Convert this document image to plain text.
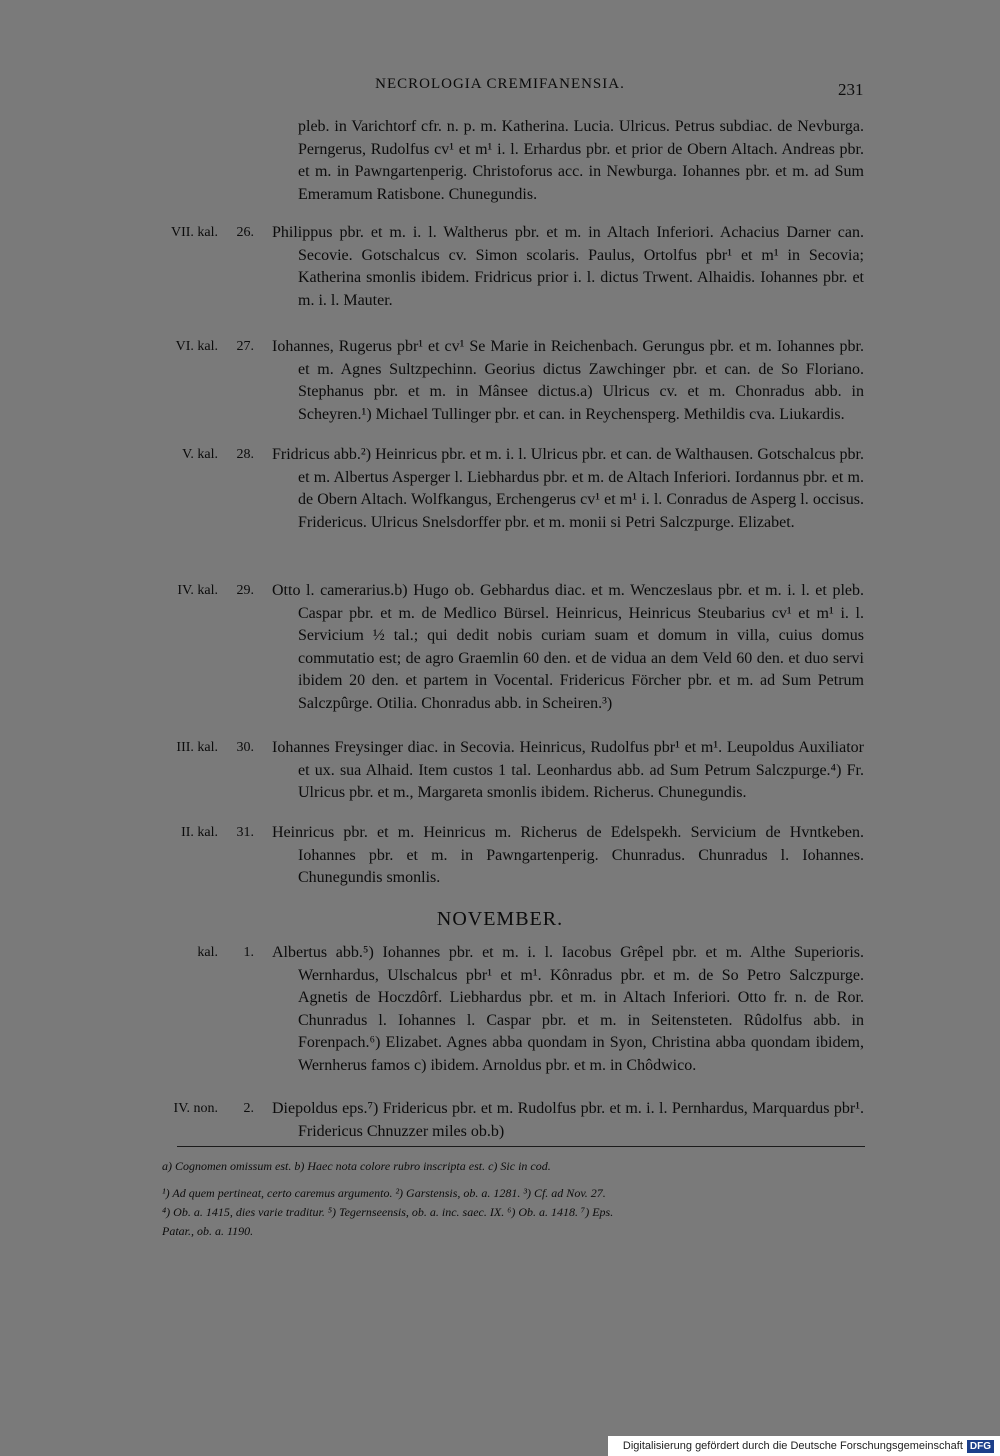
NECROLOGIA CREMIFANENSIA.	231
pleb. in Varichtorf cfr. n. p. m. Katherina. Lucia. Ulricus. Petrus subdiac. de Nevburga. Perngerus, Rudolfus cv¹ et m¹ i. l. Erhardus pbr. et prior de Obern Altach. Andreas pbr. et m. in Pawngartenperig. Christoforus acc. in Newburga. Iohannes pbr. et m. ad Sum Emeramum Ratisbone. Chunegundis.
VII. kal.	26. Philippus pbr. et m. i. l. Waltherus pbr. et m. in Altach Inferiori. Achacius Darner can. Secovie. Gotschalcus cv. Simon scolaris. Paulus, Ortolfus pbr¹ et m¹ in Secovia; Katherina smonlis ibidem. Fridricus prior i. l. dictus Trwent. Alhaidis. Iohannes pbr. et m. i. l. Mauter.
VI. kal.	27. Iohannes, Rugerus pbr¹ et cv¹ Se Marie in Reichenbach. Gerungus pbr. et m. Iohannes pbr. et m. Agnes Sultzpechinn. Georius dictus Zawchinger pbr. et can. de So Floriano. Stephanus pbr. et m. in Mânsee dictus.a) Ulricus cv. et m. Chonradus abb. in Scheyren.¹) Michael Tullinger pbr. et can. in Reychensperg. Methildis cva. Liukardis.
V. kal.	28. Fridricus abb.²) Heinricus pbr. et m. i. l. Ulricus pbr. et can. de Walthausen. Gotschalcus pbr. et m. Albertus Asperger l. Liebhardus pbr. et m. de Altach Inferiori. Iordannus pbr. et m. de Obern Altach. Wolfkangus, Erchengerus cv¹ et m¹ i. l. Conradus de Asperg l. occisus. Fridericus. Ulricus Snelsdorffer pbr. et m. monii si Petri Salczpurge. Elizabet.
IV. kal.	29. Otto l. camerarius.b) Hugo ob. Gebhardus diac. et m. Wenczeslaus pbr. et m. i. l. et pleb. Caspar pbr. et m. de Medlico Bürsel. Heinricus, Heinricus Steubarius cv¹ et m¹ i. l. Servicium ½ tal.; qui dedit nobis curiam suam et domum in villa, cuius domus commutatio est; de agro Graemlin 60 den. et de vidua an dem Veld 60 den. et duo servi ibidem 20 den. et partem in Vocental. Fridericus Förcher pbr. et m. ad Sum Petrum Salczpûrge. Otilia. Chonradus abb. in Scheiren.³)
III. kal.	30. Iohannes Freysinger diac. in Secovia. Heinricus, Rudolfus pbr¹ et m¹. Leupoldus Auxiliator et ux. sua Alhaid. Item custos 1 tal. Leonhardus abb. ad Sum Petrum Salczpurge.⁴) Fr. Ulricus pbr. et m., Margareta smonlis ibidem. Richerus. Chunegundis.
II. kal.	31. Heinricus pbr. et m. Heinricus m. Richerus de Edelspekh. Servicium de Hvntkeben. Iohannes pbr. et m. in Pawngartenperig. Chunradus. Chunradus l. Iohannes. Chunegundis smonlis.
NOVEMBER.
kal.	1. Albertus abb.⁵) Iohannes pbr. et m. i. l. Iacobus Grêpel pbr. et m. Althe Superioris. Wernhardus, Ulschalcus pbr¹ et m¹. Kônradus pbr. et m. de So Petro Salczpurge. Agnetis de Hoczdôrf. Liebhardus pbr. et m. in Altach Inferiori. Otto fr. n. de Ror. Chunradus l. Iohannes l. Caspar pbr. et m. in Seitensteten. Rûdolfus abb. in Forenpach.⁶) Elizabet. Agnes abba quondam in Syon, Christina abba quondam ibidem, Wernherus famos c) ibidem. Arnoldus pbr. et m. in Chôdwico.
IV. non.	2. Diepoldus eps.⁷) Fridericus pbr. et m. Rudolfus pbr. et m. i. l. Pernhardus, Marquardus pbr¹. Fridericus Chnuzzer miles ob.b)
a) Cognomen omissum est. b) Haec nota colore rubro inscripta est. c) Sic in cod.
¹) Ad quem pertineat, certo caremus argumento. ²) Garstensis, ob. a. 1281. ³) Cf. ad Nov. 27.
⁴) Ob. a. 1415, dies varie traditur. ⁵) Tegernseensis, ob. a. inc. saec. IX. ⁶) Ob. a. 1418. ⁷) Eps.
Patar., ob. a. 1190.
Digitalisierung gefördert durch die Deutsche Forschungsgemeinschaft DFG
